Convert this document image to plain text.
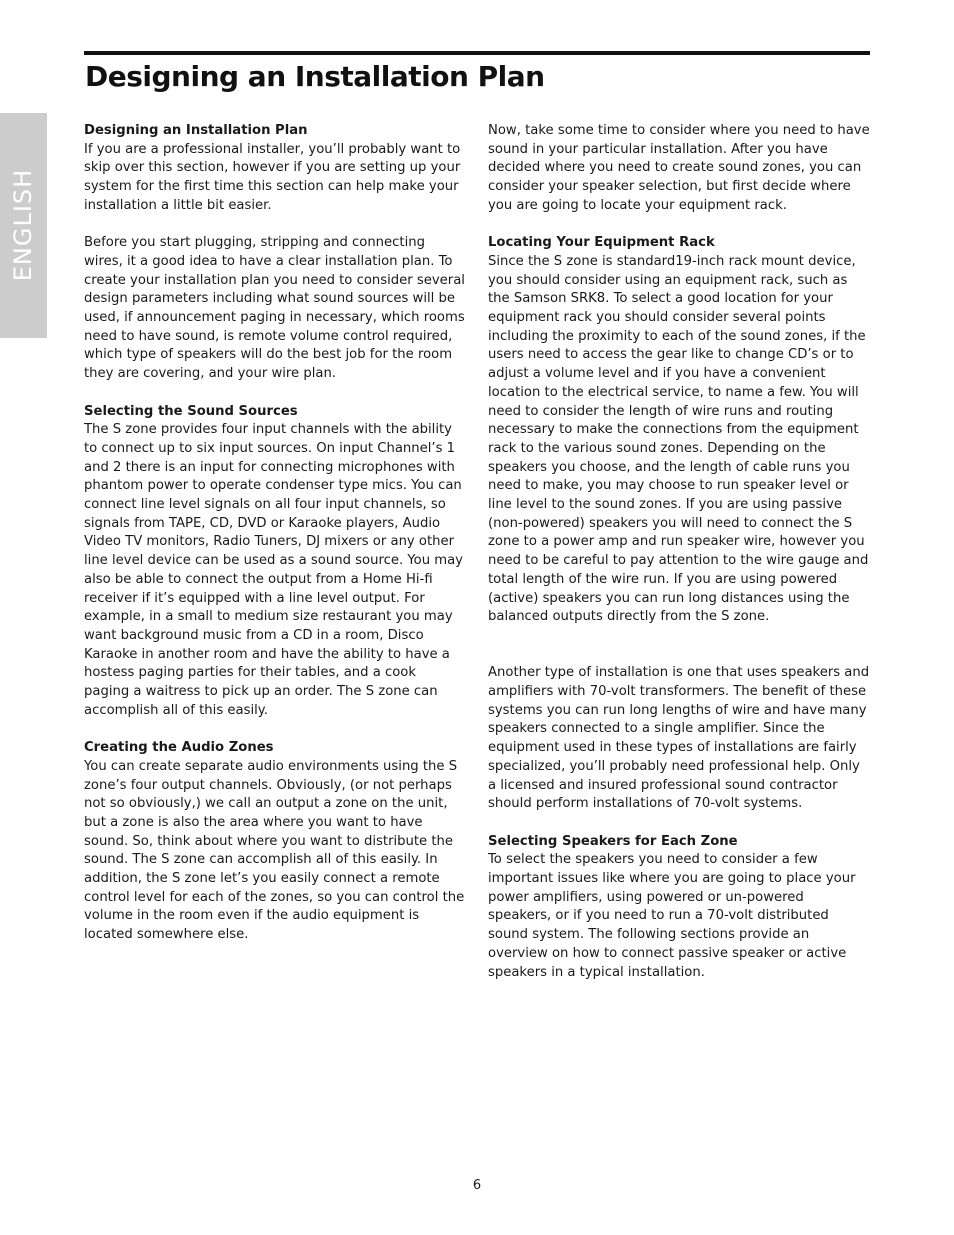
Designing an Installation Plan
ENGLISH
Designing an Installation Plan

If you are a professional installer, you’ll probably want to skip over this section, however if you are setting up your system for the first time this section can help make your installation a little bit easier.

Before you start plugging, stripping and connecting wires, it a good idea to have a clear installation plan. To create your installation plan you need to consider several design parameters including what sound sources will be used, if announcement paging in necessary, which rooms need to have sound, is remote volume control required, which type of speakers will do the best job for the room they are covering, and your wire plan.

Selecting the Sound Sources

The S zone provides four input channels with the ability to connect up to six input sources. On input Channel’s 1 and 2 there is an input for connecting microphones with phantom power to operate condenser type mics. You can connect line level signals on all four input channels, so signals from TAPE, CD, DVD or Karaoke players, Audio Video TV monitors, Radio Tuners, DJ mixers or any other line level device can be used as a sound source. You may also be able to connect the output from a Home Hi-fi receiver if it’s equipped with a line level output. For example, in a small to medium size restaurant you may want background music from a CD in a room, Disco Karaoke in another room and have the ability to have a hostess paging parties for their tables, and a cook paging a waitress to pick up an order. The S zone can accomplish all of this easily.

Creating the Audio Zones

You can create separate audio environments using the S zone’s four output channels. Obviously, (or not perhaps not so obviously,) we call an output a zone on the unit, but a zone is also the area where you want to have sound. So, think about where you want to distribute the sound. The S zone can accomplish all of this easily. In addition, the S zone let’s you easily connect a remote control level for each of the zones, so you can control the volume in the room even if the audio equipment is located somewhere else.

Now, take some time to consider where you need to have sound in your particular installation. After you have decided where you need to create sound zones, you can consider your speaker selection, but first decide where you are going to locate your equipment rack.

Locating Your Equipment Rack

Since the S zone is standard19-inch rack mount device, you should consider using an equipment rack, such as the Samson SRK8. To select a good location for your equipment rack you should consider several points including the proximity to each of the sound zones, if the users need to access the gear like to change CD’s or to adjust a volume level and if you have a convenient location to the electrical service, to name a few. You will need to consider the length of wire runs and routing necessary to make the connections from the equipment rack to the various sound zones. Depending on the speakers you choose, and the length of cable runs you need to make, you may choose to run speaker level or line level to the sound zones. If you are using passive (non-powered) speakers you will need to connect the S zone to a power amp and run speaker wire, however you need to be careful to pay attention to the wire gauge and total length of the wire run. If you are using powered (active) speakers you can run long distances using the balanced outputs directly from the S zone.

Another type of installation is one that uses speakers and amplifiers with 70-volt transformers. The benefit of these systems you can run long lengths of wire and have many speakers connected to a single amplifier. Since the equipment used in these types of installations are fairly specialized, you’ll probably need professional help. Only a licensed and insured professional sound contractor should perform installations of 70-volt systems.

Selecting Speakers for Each Zone

To select the speakers you need to consider a few important issues like where you are going to place your power amplifiers, using powered or un-powered speakers, or if you need to run a 70-volt distributed sound system. The following sections provide an overview on how to connect passive speaker or active speakers in a typical installation.

6
